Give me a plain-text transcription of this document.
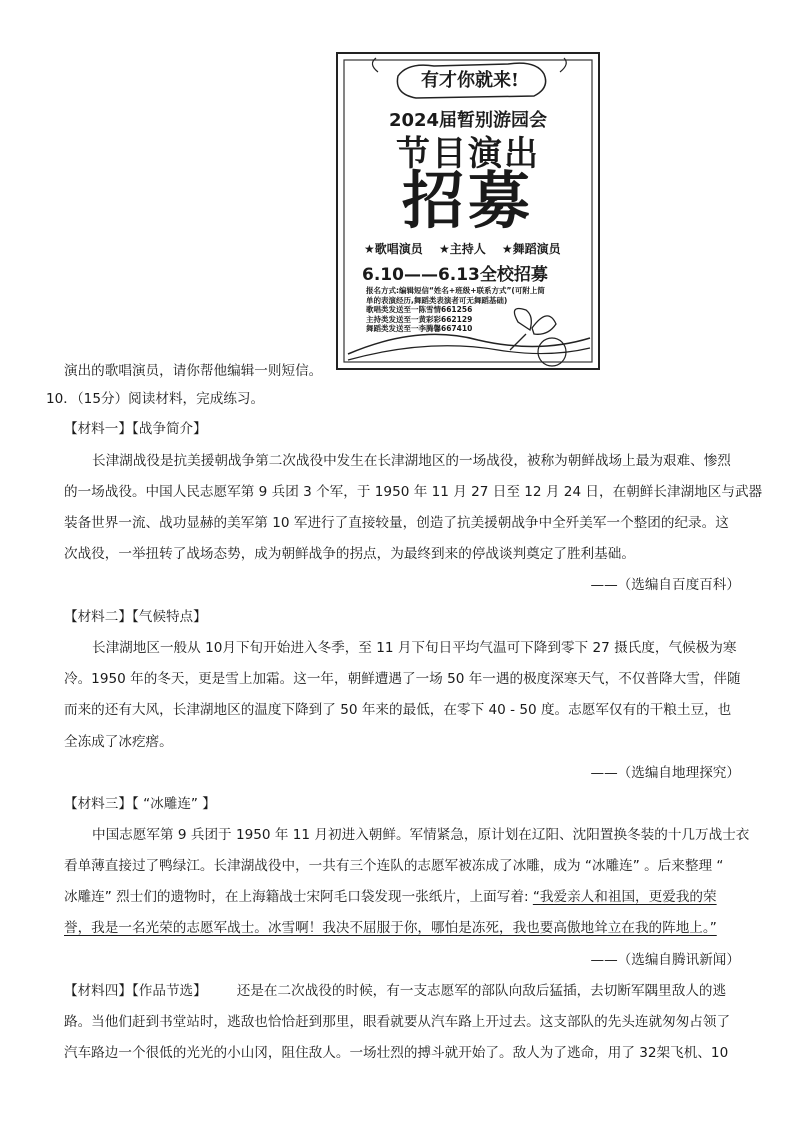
有才你就来!
2024届暂别游园会
节目演出
招募
★歌唱演员 ★主持人 ★舞蹈演员
6.10——6.13全校招募
报名方式:编辑短信“姓名+班级+联系方式”(可附上简
单的表演经历,舞蹈类表演者可无舞蹈基础)
歌唱类发送至一陈雪情661256
主持类发送至一黄彩彩662129
舞蹈类发送至一李腾馨667410
演出的歌唱演员，请你帮他编辑一则短信。
10．（15分）阅读材料，完成练习。
【材料一】【战争简介】
长津湖战役是抗美援朝战争第二次战役中发生在长津湖地区的一场战役，被称为朝鲜战场上最为艰难、惨烈
的一场战役。中国人民志愿军第 9 兵团 3 个军，于 1950 年 11 月 27 日至 12 月 24 日，在朝鲜长津湖地区与武器
装备世界一流、战功显赫的美军第 10 军进行了直接较量，创造了抗美援朝战争中全歼美军一个整团的纪录。这
次战役，一举扭转了战场态势，成为朝鲜战争的拐点，为最终到来的停战谈判奠定了胜利基础。
——（选编自百度百科）
【材料二】【气候特点】
长津湖地区一般从 10月下旬开始进入冬季，至 11 月下旬日平均气温可下降到零下 27 摄氏度，气候极为寒
冷。1950 年的冬天，更是雪上加霜。这一年，朝鲜遭遇了一场 50 年一遇的极度深寒天气，不仅普降大雪，伴随
而来的还有大风，长津湖地区的温度下降到了 50 年来的最低，在零下 40 - 50 度。志愿军仅有的干粮土豆，也
全冻成了冰疙瘩。
——（选编自地理探究）
【材料三】【 “冰雕连” 】
中国志愿军第 9 兵团于 1950 年 11 月初进入朝鲜。军情紧急，原计划在辽阳、沈阳置换冬装的十几万战士衣
看单薄直接过了鸭绿江。长津湖战役中，一共有三个连队的志愿军被冻成了冰雕，成为 “冰雕连” 。后来整理 “
冰雕连” 烈士们的遗物时，在上海籍战士宋阿毛口袋发现一张纸片，上面写着: “我爱亲人和祖国，更爱我的荣
誉，我是一名光荣的志愿军战士。冰雪啊！我决不屈服于你，哪怕是冻死，我也要高傲地耸立在我的阵地上。”
——（选编自腾讯新闻）
【材料四】【作品节选】 还是在二次战役的时候，有一支志愿军的部队向敌后猛插，去切断军隅里敌人的逃
路。当他们赶到书堂站时，逃敌也恰恰赶到那里，眼看就要从汽车路上开过去。这支部队的先头连就匆匆占领了
汽车路边一个很低的光光的小山冈，阻住敌人。一场壮烈的搏斗就开始了。敌人为了逃命，用了 32架飞机、10
